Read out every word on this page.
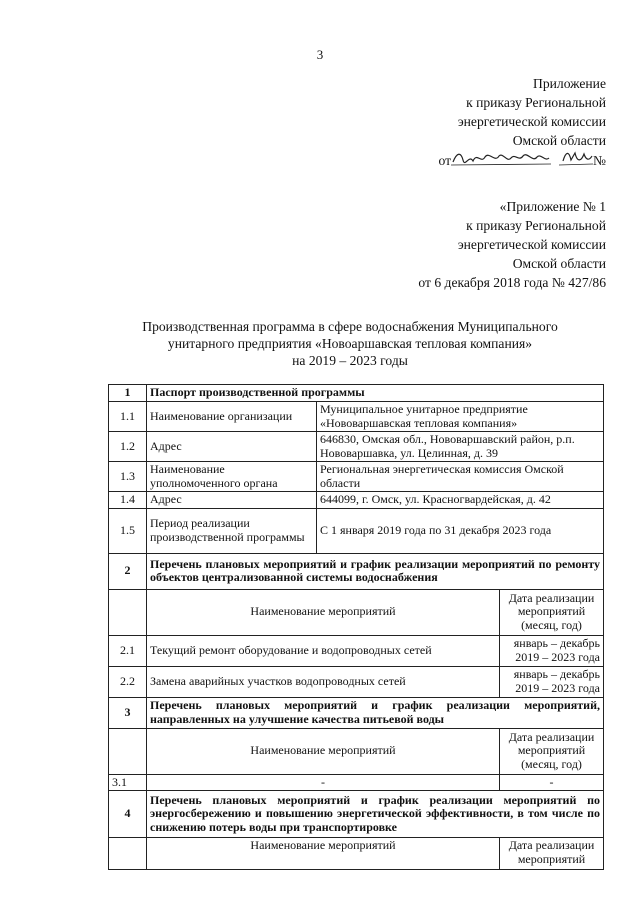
3
Приложение
к приказу Региональной
энергетической комиссии
Омской области
от	№
«Приложение № 1
к приказу Региональной
энергетической комиссии
Омской области
от 6 декабря 2018 года № 427/86
Производственная программа в сфере водоснабжения Муниципального
унитарного предприятия «Новоаршавская тепловая компания»
на 2019 – 2023 годы
1	Паспорт производственной программы		
1.1	Наименование организации	Муниципальное унитарное предприятие «Нововаршавская тепловая компания»	
1.2	Адрес	646830, Омская обл., Нововаршавский район, р.п. Нововаршавка, ул. Целинная, д. 39	
1.3	Наименование уполномоченного органа	Региональная энергетическая комиссия Омской области	
1.4	Адрес	644099, г. Омск, ул. Красногвардейская, д. 42	
1.5	Период реализации производственной программы	С 1 января 2019 года по 31 декабря 2023 года	
2	Перечень плановых мероприятий и график реализации мероприятий по ремонту объектов централизованной системы водоснабжения		
	Наименование мероприятий		Дата реализации мероприятий (месяц, год)
2.1	Текущий ремонт оборудование и водопроводных сетей		январь – декабрь 2019 – 2023 года
2.2	Замена аварийных участков водопроводных сетей		январь – декабрь 2019 – 2023 года
3	Перечень плановых мероприятий и график реализации мероприятий, направленных на улучшение качества питьевой воды		
	Наименование мероприятий		Дата реализации мероприятий (месяц, год)
3.1	-		-
4	Перечень плановых мероприятий и график реализации мероприятий по энергосбережению и повышению энергетической эффективности, в том числе по снижению потерь воды при транспортировке		
	Наименование мероприятий		Дата реализации мероприятий
